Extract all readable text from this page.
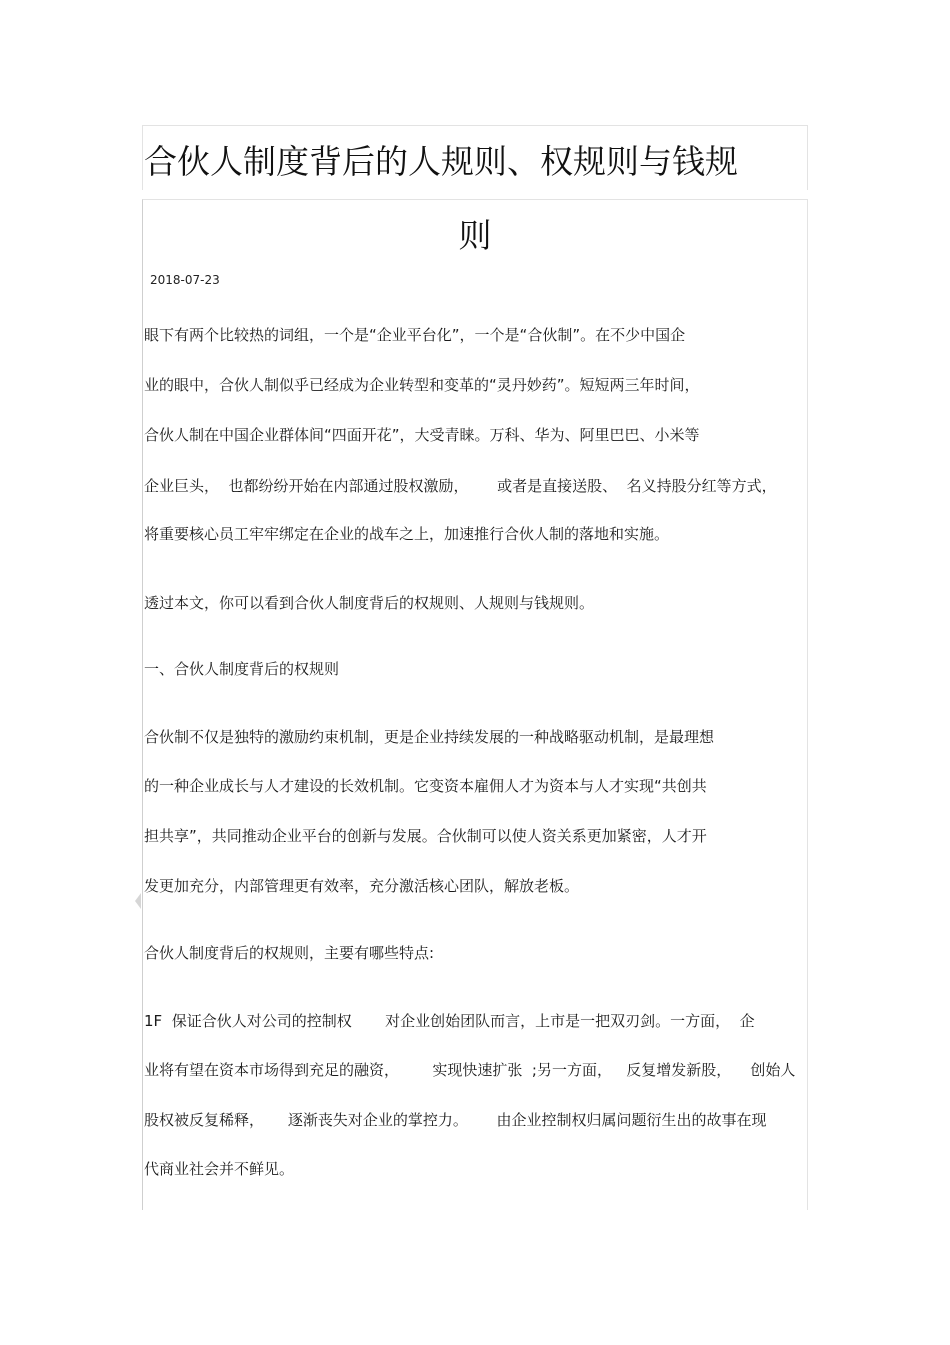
合伙人制度背后的人规则、权规则与钱规
则
2018-07-23
眼下有两个比较热的词组，一个是“企业平台化”，一个是“合伙制”。在不少中国企
业的眼中，合伙人制似乎已经成为企业转型和变革的“灵丹妙药”。短短两三年时间，
合伙人制在中国企业群体间“四面开花”，大受青睐。万科、华为、阿里巴巴、小米等
企业巨头，  也都纷纷开始在内部通过股权激励，      或者是直接送股、  名义持股分红等方式，
将重要核心员工牢牢绑定在企业的战车之上，加速推行合伙人制的落地和实施。
透过本文，你可以看到合伙人制度背后的权规则、人规则与钱规则。
一、合伙人制度背后的权规则
合伙制不仅是独特的激励约束机制，更是企业持续发展的一种战略驱动机制，是最理想
的一种企业成长与人才建设的长效机制。它变资本雇佣人才为资本与人才实现“共创共
担共享”，共同推动企业平台的创新与发展。合伙制可以使人资关系更加紧密，人才开
发更加充分，内部管理更有效率，充分激活核心团队，解放老板。
合伙人制度背后的权规则，主要有哪些特点:
1F  保证合伙人对公司的控制权       对企业创始团队而言，上市是一把双刃剑。一方面，  企
业将有望在资本市场得到充足的融资，       实现快速扩张  ;另一方面，   反复增发新股，    创始人
股权被反复稀释，     逐渐丧失对企业的掌控力。      由企业控制权归属问题衍生出的故事在现
代商业社会并不鲜见。
